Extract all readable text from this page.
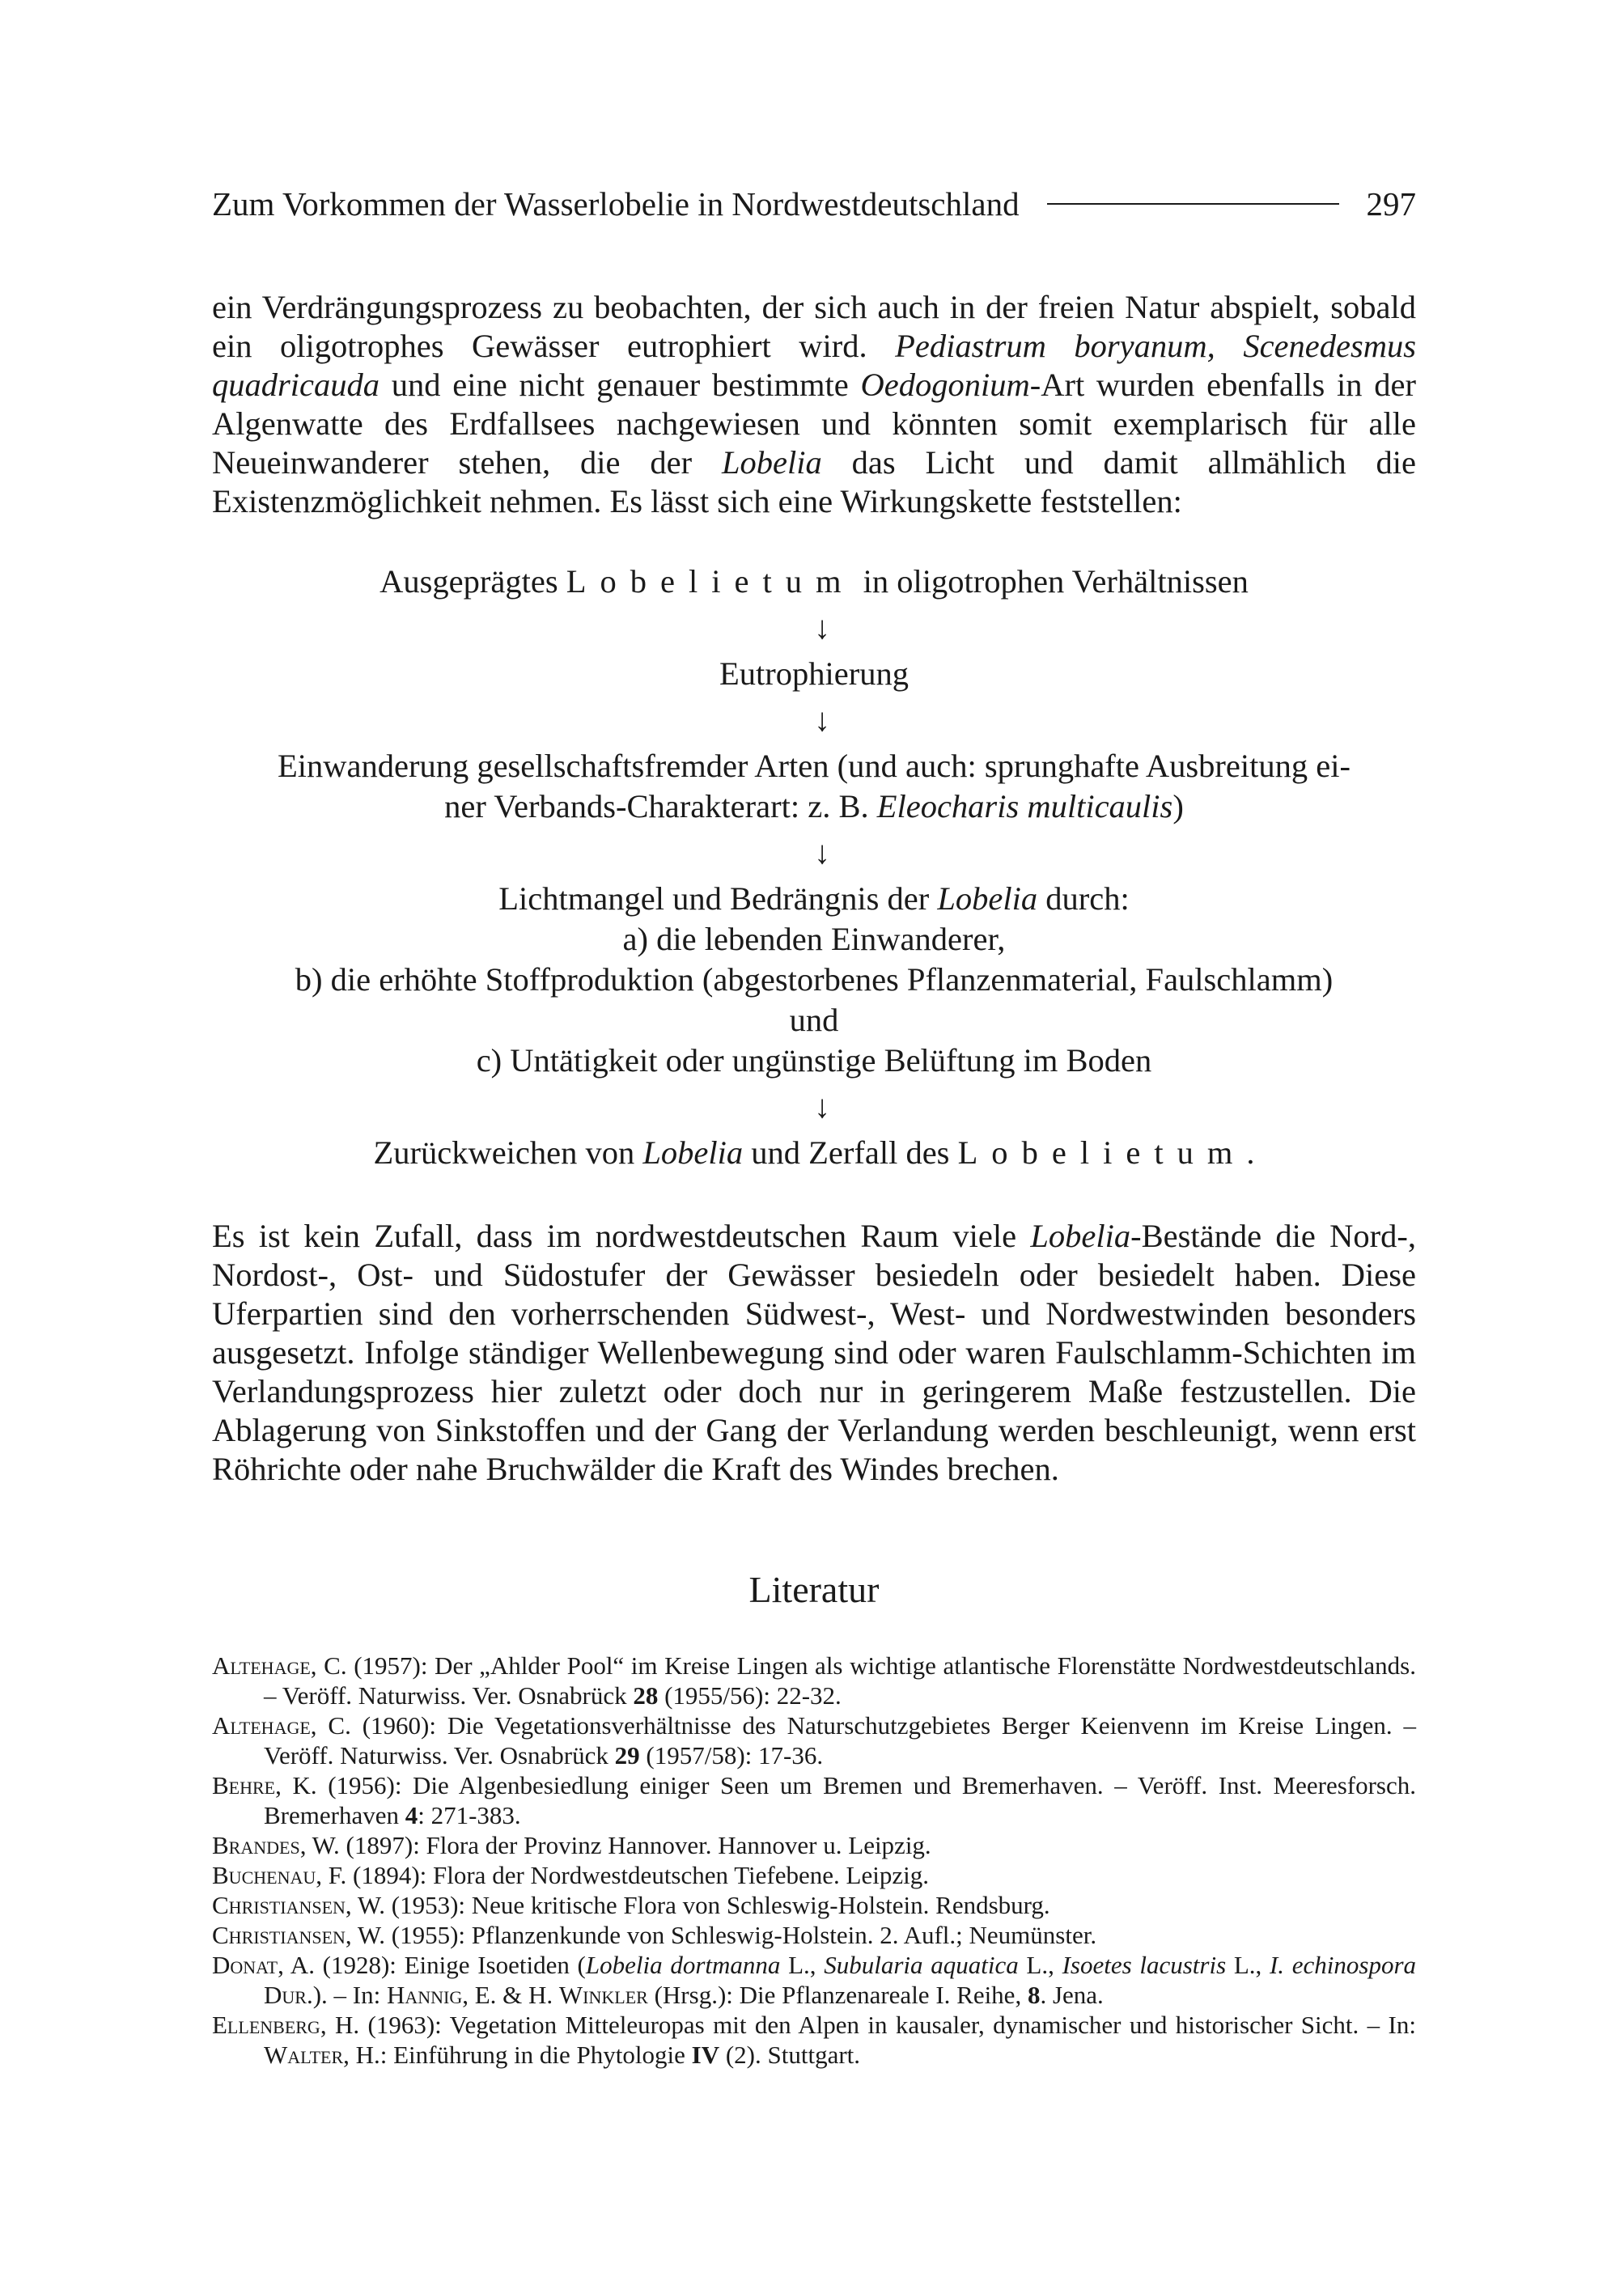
Zum Vorkommen der Wasserlobelie in Nordwestdeutschland	297

ein Verdrängungsprozess zu beobachten, der sich auch in der freien Natur abspielt, sobald ein oligotrophes Gewässer eutrophiert wird. Pediastrum boryanum, Scenedesmus quadricauda und eine nicht genauer bestimmte Oedogonium-Art wurden ebenfalls in der Algenwatte des Erdfallsees nachgewiesen und könnten somit exemplarisch für alle Neueinwanderer stehen, die der Lobelia das Licht und damit allmählich die Existenzmöglichkeit nehmen. Es lässt sich eine Wirkungskette feststellen:

Ausgeprägtes Lobelietum in oligotrophen Verhältnissen
↓
Eutrophierung
↓
Einwanderung gesellschaftsfremder Arten (und auch: sprunghafte Ausbreitung ei-
ner Verbands-Charakterart: z. B. Eleocharis multicaulis)
↓
Lichtmangel und Bedrängnis der Lobelia durch:
a) die lebenden Einwanderer,
b) die erhöhte Stoffproduktion (abgestorbenes Pflanzenmaterial, Faulschlamm)
und
c) Untätigkeit oder ungünstige Belüftung im Boden
↓
Zurückweichen von Lobelia und Zerfall des Lobelietum.

Es ist kein Zufall, dass im nordwestdeutschen Raum viele Lobelia-Bestände die Nord-, Nordost-, Ost- und Südostufer der Gewässer besiedeln oder besiedelt haben. Diese Uferpartien sind den vorherrschenden Südwest-, West- und Nordwestwinden besonders ausgesetzt. Infolge ständiger Wellenbewegung sind oder waren Faulschlamm-Schichten im Verlandungsprozess hier zuletzt oder doch nur in geringerem Maße festzustellen. Die Ablagerung von Sinkstoffen und der Gang der Verlandung werden beschleunigt, wenn erst Röhrichte oder nahe Bruchwälder die Kraft des Windes brechen.

Literatur

Altehage, C. (1957): Der „Ahlder Pool“ im Kreise Lingen als wichtige atlantische Florenstätte Nordwestdeutschlands. – Veröff. Naturwiss. Ver. Osnabrück 28 (1955/56): 22-32.

Altehage, C. (1960): Die Vegetationsverhältnisse des Naturschutzgebietes Berger Keienvenn im Kreise Lingen. – Veröff. Naturwiss. Ver. Osnabrück 29 (1957/58): 17-36.

Behre, K. (1956): Die Algenbesiedlung einiger Seen um Bremen und Bremerhaven. – Veröff. Inst. Meeresforsch. Bremerhaven 4: 271-383.

Brandes, W. (1897): Flora der Provinz Hannover. Hannover u. Leipzig.

Buchenau, F. (1894): Flora der Nordwestdeutschen Tiefebene. Leipzig.

Christiansen, W. (1953): Neue kritische Flora von Schleswig-Holstein. Rendsburg.

Christiansen, W. (1955): Pflanzenkunde von Schleswig-Holstein. 2. Aufl.; Neumünster.

Donat, A. (1928): Einige Isoetiden (Lobelia dortmanna L., Subularia aquatica L., Isoetes lacustris L., I. echinospora Dur.). – In: Hannig, E. & H. Winkler (Hrsg.): Die Pflanzenareale I. Reihe, 8. Jena.

Ellenberg, H. (1963): Vegetation Mitteleuropas mit den Alpen in kausaler, dynamischer und historischer Sicht. – In: Walter, H.: Einführung in die Phytologie IV (2). Stuttgart.
